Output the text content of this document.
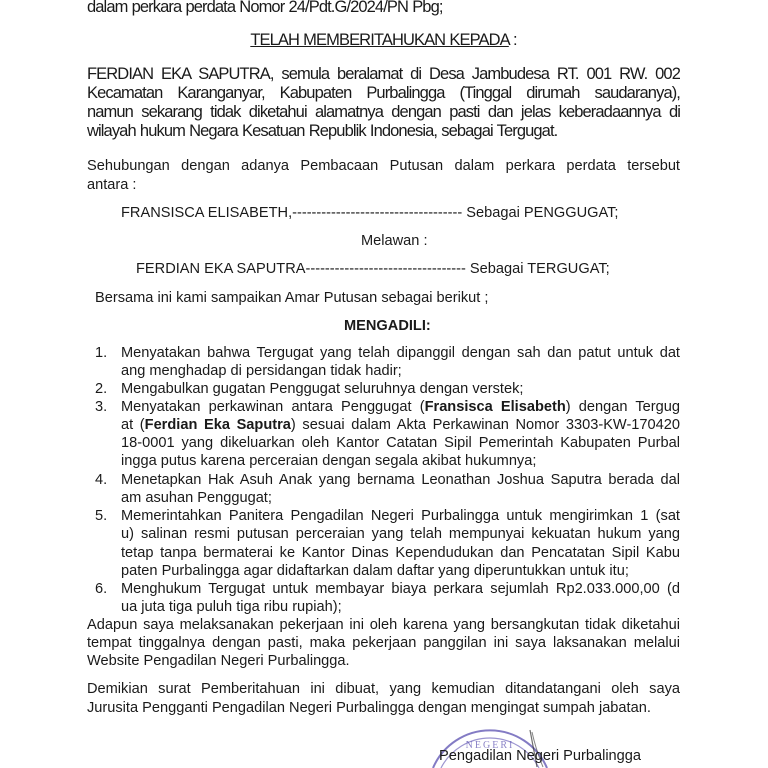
dalam perkara perdata Nomor 24/Pdt.G/2024/PN Pbg;
TELAH MEMBERITAHUKAN KEPADA :
FERDIAN EKA SAPUTRA, semula beralamat di Desa Jambudesa RT. 001 RW. 002
Kecamatan Karanganyar, Kabupaten Purbalingga (Tinggal dirumah saudaranya),
namun sekarang tidak diketahui alamatnya dengan pasti dan jelas keberadaannya di
wilayah hukum Negara Kesatuan Republik Indonesia, sebagai Tergugat.
Sehubungan dengan adanya Pembacaan Putusan dalam perkara perdata tersebut
antara :
FRANSISCA ELISABETH,----------------------------------- Sebagai PENGGUGAT;
Melawan :
FERDIAN EKA SAPUTRA--------------------------------- Sebagai TERGUGAT;
Bersama ini kami sampaikan Amar Putusan sebagai berikut ;
MENGADILI:
1. Menyatakan bahwa Tergugat yang telah dipanggil dengan sah dan patut untuk dat
ang menghadap di persidangan tidak hadir;
2. Mengabulkan gugatan Penggugat seluruhnya dengan verstek;
3. Menyatakan perkawinan antara Penggugat (Fransisca Elisabeth) dengan Tergug
at (Ferdian Eka Saputra) sesuai dalam Akta Perkawinan Nomor 3303-KW-170420
18-0001 yang dikeluarkan oleh Kantor Catatan Sipil Pemerintah Kabupaten Purbal
ingga putus karena perceraian dengan segala akibat hukumnya;
4. Menetapkan Hak Asuh Anak yang bernama Leonathan Joshua Saputra berada dal
am asuhan Penggugat;
5. Memerintahkan Panitera Pengadilan Negeri Purbalingga untuk mengirimkan 1 (sat
u) salinan resmi putusan perceraian yang telah mempunyai kekuatan hukum yang
tetap tanpa bermaterai ke Kantor Dinas Kependudukan dan Pencatatan Sipil Kabu
paten Purbalingga agar didaftarkan dalam daftar yang diperuntukkan untuk itu;
6. Menghukum Tergugat untuk membayar biaya perkara sejumlah Rp2.033.000,00 (d
ua juta tiga puluh tiga ribu rupiah);
Adapun saya melaksanakan pekerjaan ini oleh karena yang bersangkutan tidak diketahui
tempat tinggalnya dengan pasti, maka pekerjaan panggilan ini saya laksanakan melalui
Website Pengadilan Negeri Purbalingga.
Demikian surat Pemberitahuan ini dibuat, yang kemudian ditandatangani oleh saya
Jurusita Pengganti Pengadilan Negeri Purbalingga dengan mengingat sumpah jabatan.
NEGERI
Pengadilan Negeri Purbalingga
